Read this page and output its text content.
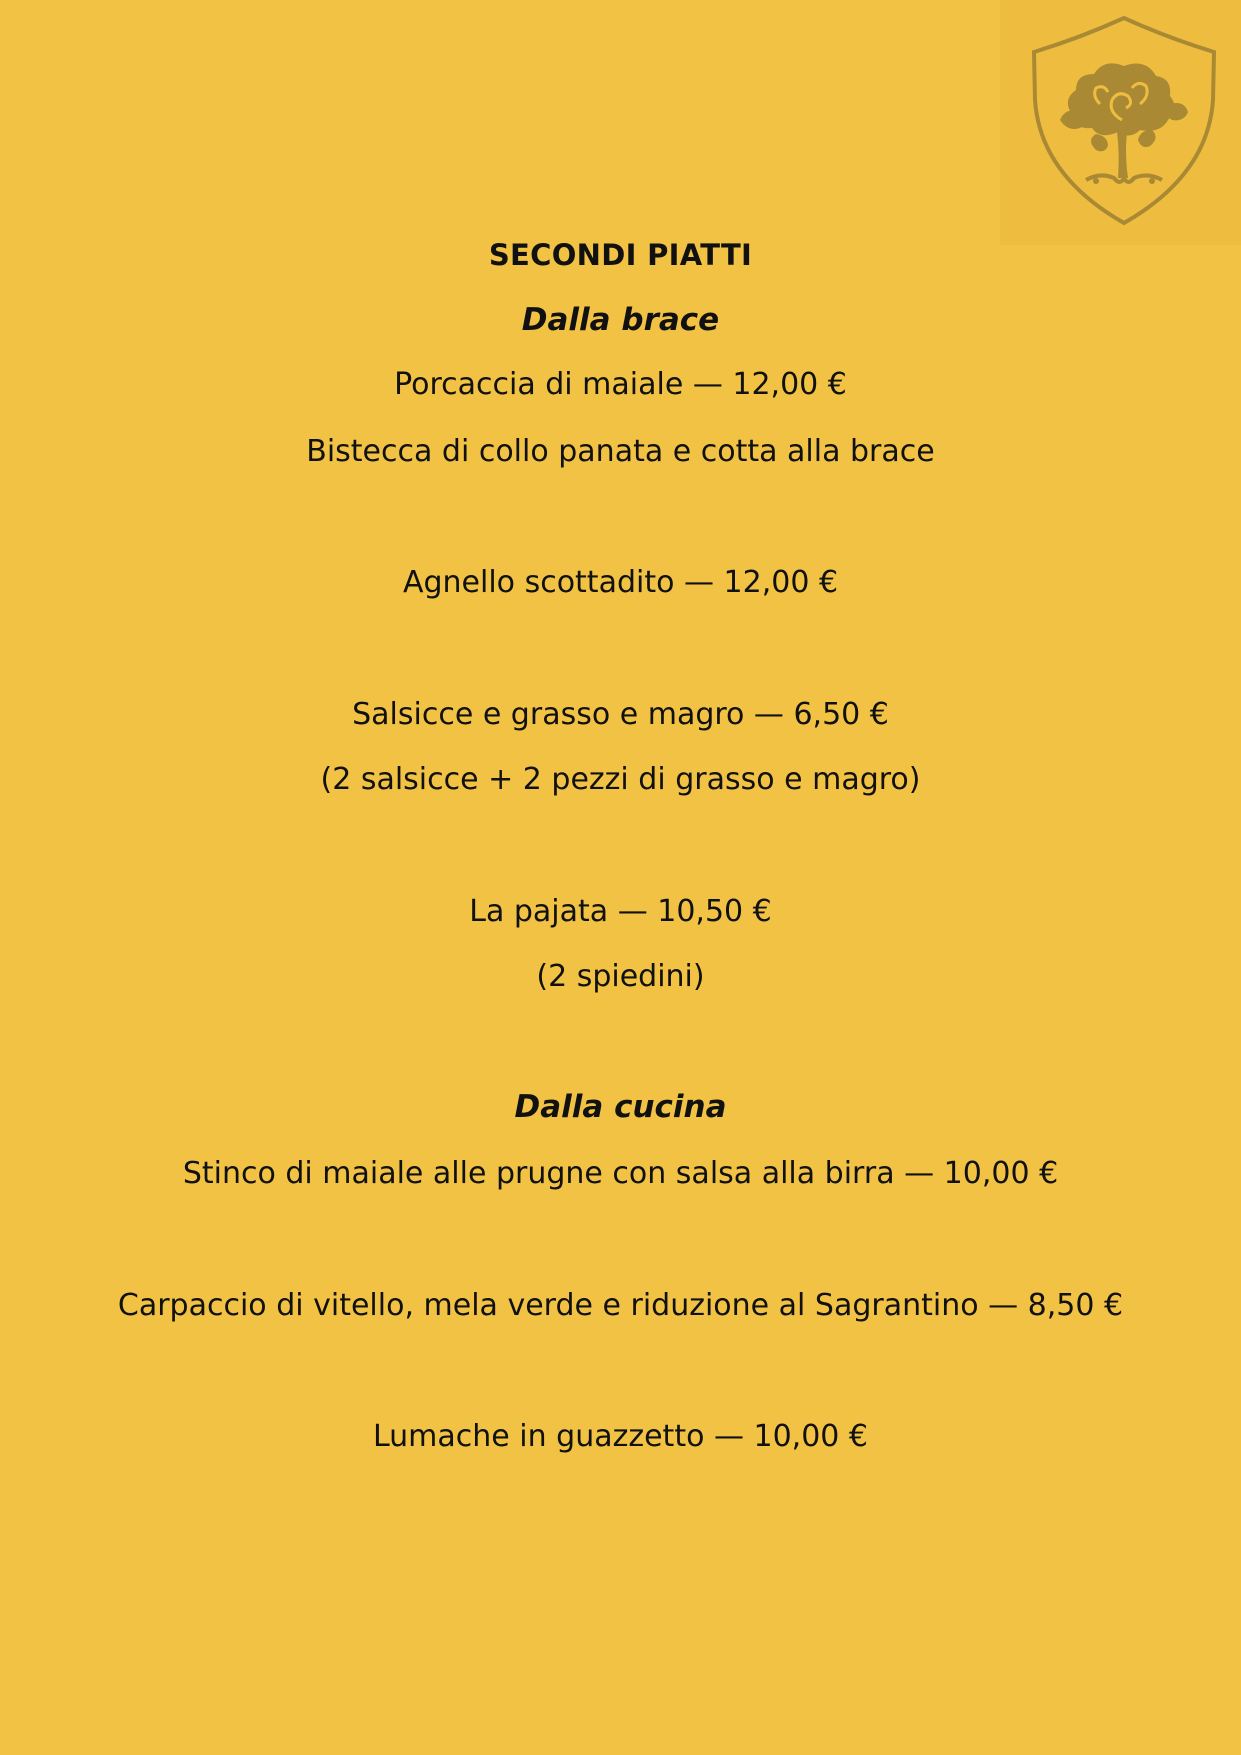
SECONDI PIATTI
Dalla brace
Porcaccia di maiale — 12,00 €
Bistecca di collo panata e cotta alla brace
Agnello scottadito — 12,00 €
Salsicce e grasso e magro — 6,50 €
(2 salsicce + 2 pezzi di grasso e magro)
La pajata — 10,50 €
(2 spiedini)
Dalla cucina
Stinco di maiale alle prugne con salsa alla birra — 10,00 €
Carpaccio di vitello, mela verde e riduzione al Sagrantino — 8,50 €
Lumache in guazzetto — 10,00 €
